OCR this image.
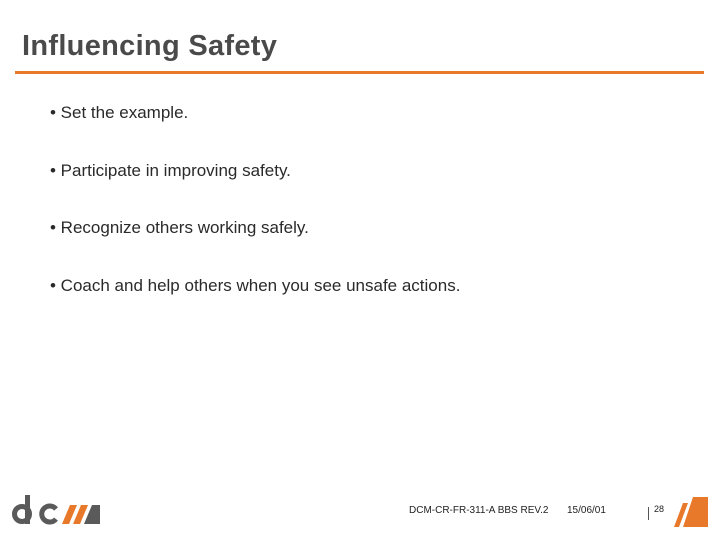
Influencing Safety
• Set the example.
• Participate in improving safety.
• Recognize others working safely.
• Coach and help others when you see unsafe actions.
DCM-CR-FR-311-A BBS REV.2 15/06/01	28
